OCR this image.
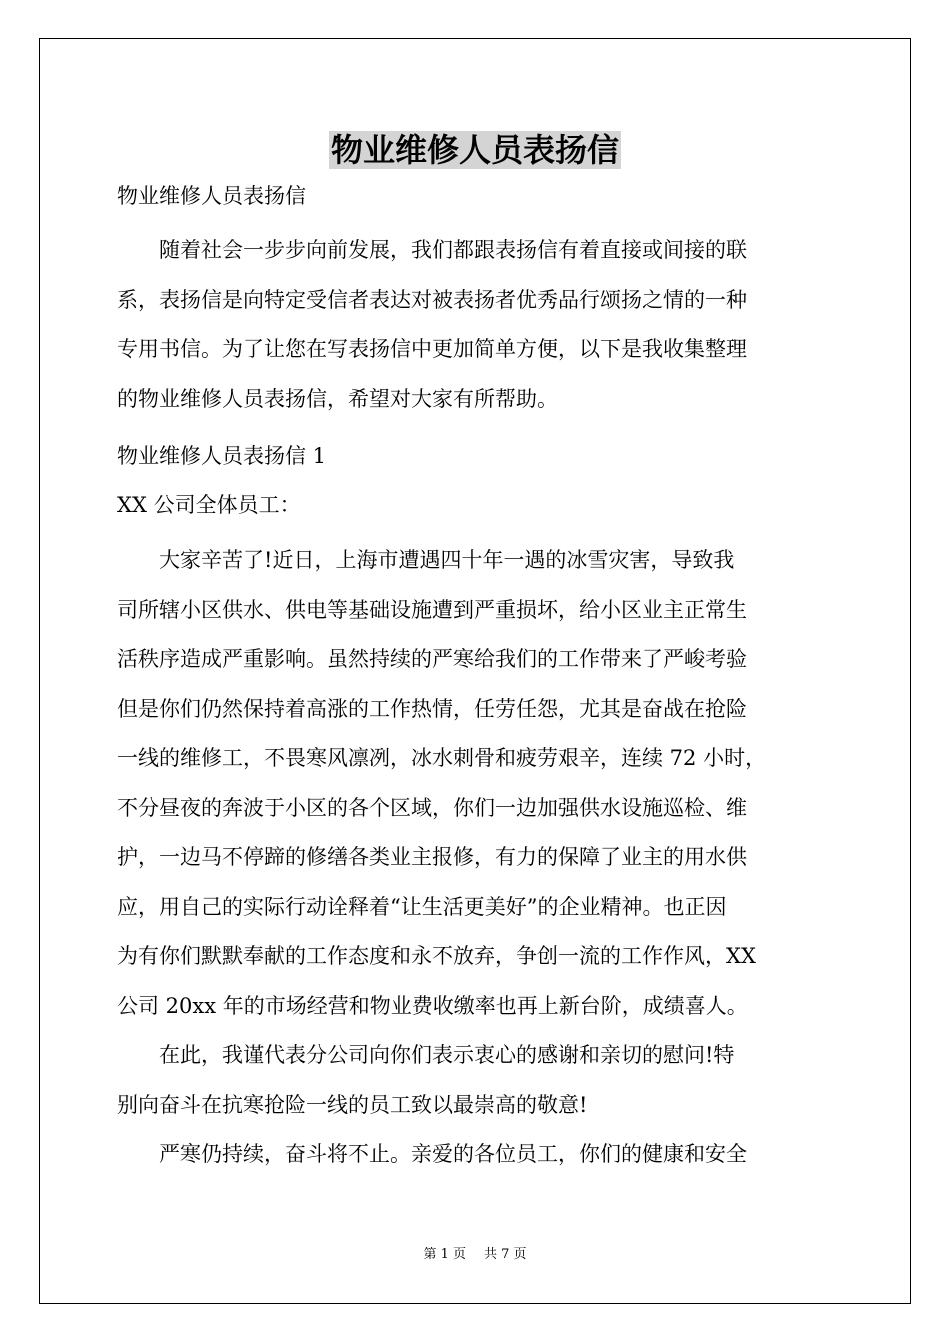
物业维修人员表扬信

物业维修人员表扬信

随着社会一步步向前发展，我们都跟表扬信有着直接或间接的联

系，表扬信是向特定受信者表达对被表扬者优秀品行颂扬之情的一种

专用书信。为了让您在写表扬信中更加简单方便，以下是我收集整理

的物业维修人员表扬信，希望对大家有所帮助。

物业维修人员表扬信 1

XX 公司全体员工：

大家辛苦了!近日，上海市遭遇四十年一遇的冰雪灾害，导致我

司所辖小区供水、供电等基础设施遭到严重损坏，给小区业主正常生

活秩序造成严重影响。虽然持续的严寒给我们的工作带来了严峻考验

但是你们仍然保持着高涨的工作热情，任劳任怨，尤其是奋战在抢险

一线的维修工，不畏寒风凛冽，冰水刺骨和疲劳艰辛，连续 72 小时，

不分昼夜的奔波于小区的各个区域，你们一边加强供水设施巡检、维

护，一边马不停蹄的修缮各类业主报修，有力的保障了业主的用水供

应，用自己的实际行动诠释着“让生活更美好”的企业精神。也正因

为有你们默默奉献的工作态度和永不放弃，争创一流的工作作风，XX

公司 20xx 年的市场经营和物业费收缴率也再上新台阶，成绩喜人。

在此，我谨代表分公司向你们表示衷心的感谢和亲切的慰问!特

别向奋斗在抗寒抢险一线的员工致以最崇高的敬意!

严寒仍持续，奋斗将不止。亲爱的各位员工，你们的健康和安全

第 1 页 共 7 页
